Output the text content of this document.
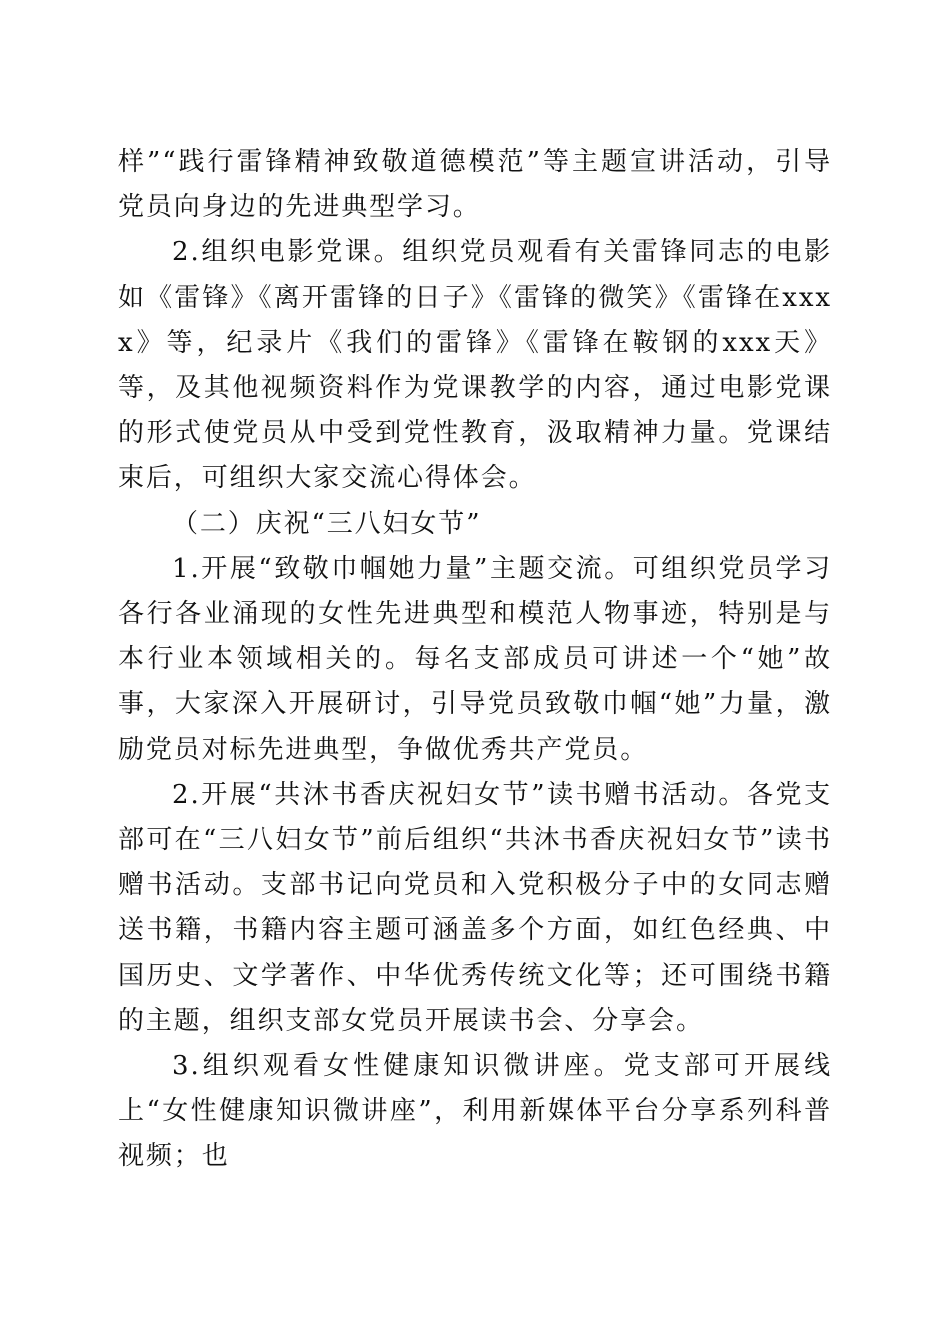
样”“践行雷锋精神致敬道德模范”等主题宣讲活动，引导党员向身边的先进典型学习。

2.组织电影党课。组织党员观看有关雷锋同志的电影如《雷锋》《离开雷锋的日子》《雷锋的微笑》《雷锋在xxxx》等，纪录片《我们的雷锋》《雷锋在鞍钢的xxx天》等，及其他视频资料作为党课教学的内容，通过电影党课的形式使党员从中受到党性教育，汲取精神力量。党课结束后，可组织大家交流心得体会。

（二）庆祝“三八妇女节”

1.开展“致敬巾帼她力量”主题交流。可组织党员学习各行各业涌现的女性先进典型和模范人物事迹，特别是与本行业本领域相关的。每名支部成员可讲述一个“她”故事，大家深入开展研讨，引导党员致敬巾帼“她”力量，激励党员对标先进典型，争做优秀共产党员。

2.开展“共沐书香庆祝妇女节”读书赠书活动。各党支部可在“三八妇女节”前后组织“共沐书香庆祝妇女节”读书赠书活动。支部书记向党员和入党积极分子中的女同志赠送书籍，书籍内容主题可涵盖多个方面，如红色经典、中国历史、文学著作、中华优秀传统文化等；还可围绕书籍的主题，组织支部女党员开展读书会、分享会。

3.组织观看女性健康知识微讲座。党支部可开展线上“女性健康知识微讲座”，利用新媒体平台分享系列科普视频；也
